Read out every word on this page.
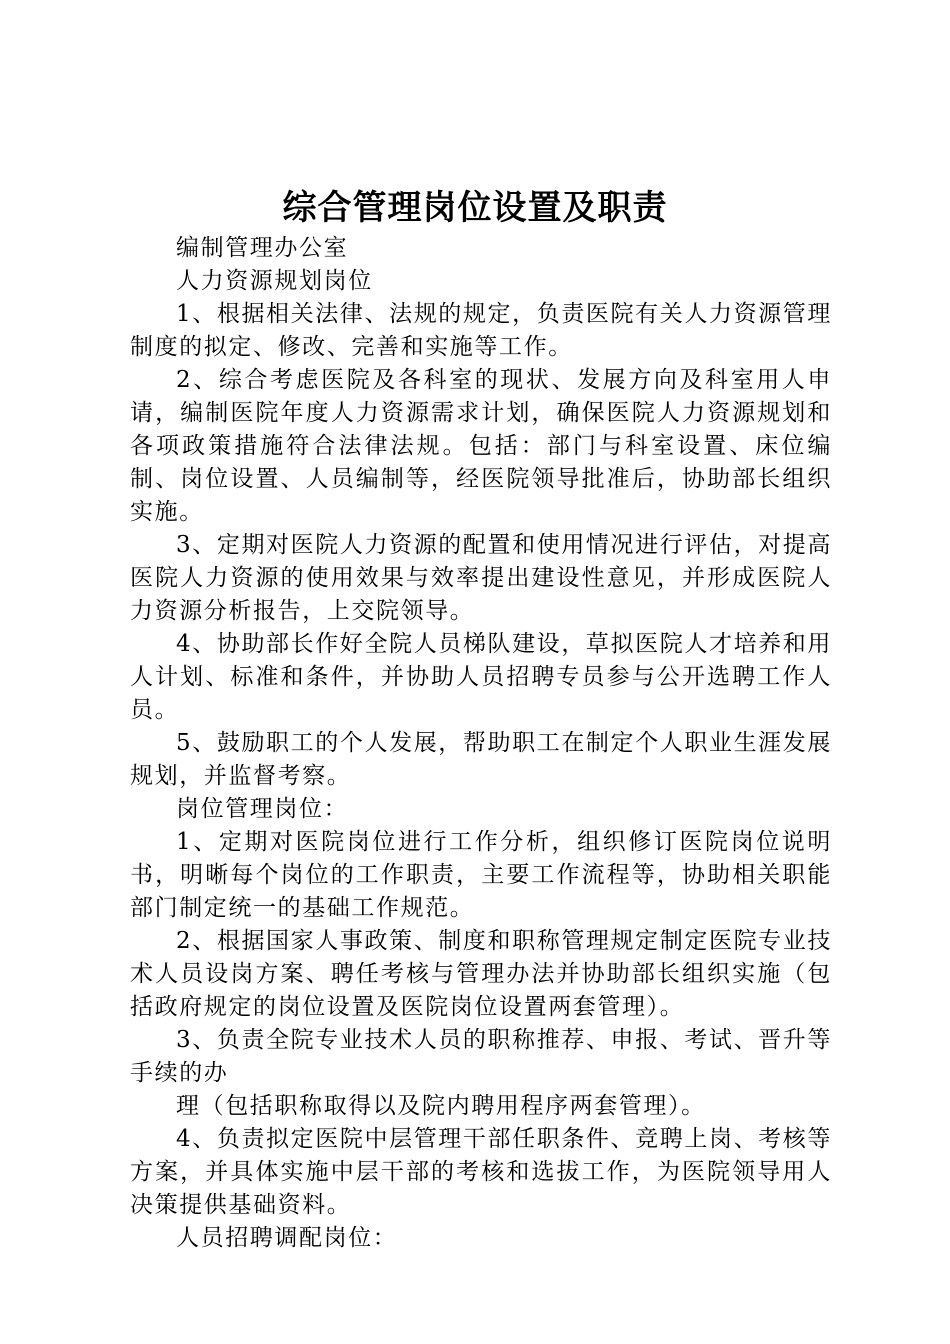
综合管理岗位设置及职责

编制管理办公室

人力资源规划岗位

1、根据相关法律、法规的规定，负责医院有关人力资源管理制度的拟定、修改、完善和实施等工作。

2、综合考虑医院及各科室的现状、发展方向及科室用人申请，编制医院年度人力资源需求计划，确保医院人力资源规划和各项政策措施符合法律法规。包括：部门与科室设置、床位编制、岗位设置、人员编制等，经医院领导批准后，协助部长组织实施。

3、定期对医院人力资源的配置和使用情况进行评估，对提高医院人力资源的使用效果与效率提出建设性意见，并形成医院人力资源分析报告，上交院领导。

4、协助部长作好全院人员梯队建设，草拟医院人才培养和用人计划、标准和条件，并协助人员招聘专员参与公开选聘工作人员。

5、鼓励职工的个人发展，帮助职工在制定个人职业生涯发展规划，并监督考察。

岗位管理岗位：

1、定期对医院岗位进行工作分析，组织修订医院岗位说明书，明晰每个岗位的工作职责，主要工作流程等，协助相关职能部门制定统一的基础工作规范。

2、根据国家人事政策、制度和职称管理规定制定医院专业技术人员设岗方案、聘任考核与管理办法并协助部长组织实施（包括政府规定的岗位设置及医院岗位设置两套管理）。

3、负责全院专业技术人员的职称推荐、申报、考试、晋升等手续的办

理（包括职称取得以及院内聘用程序两套管理）。

4、负责拟定医院中层管理干部任职条件、竞聘上岗、考核等方案，并具体实施中层干部的考核和选拔工作，为医院领导用人决策提供基础资料。

人员招聘调配岗位：
